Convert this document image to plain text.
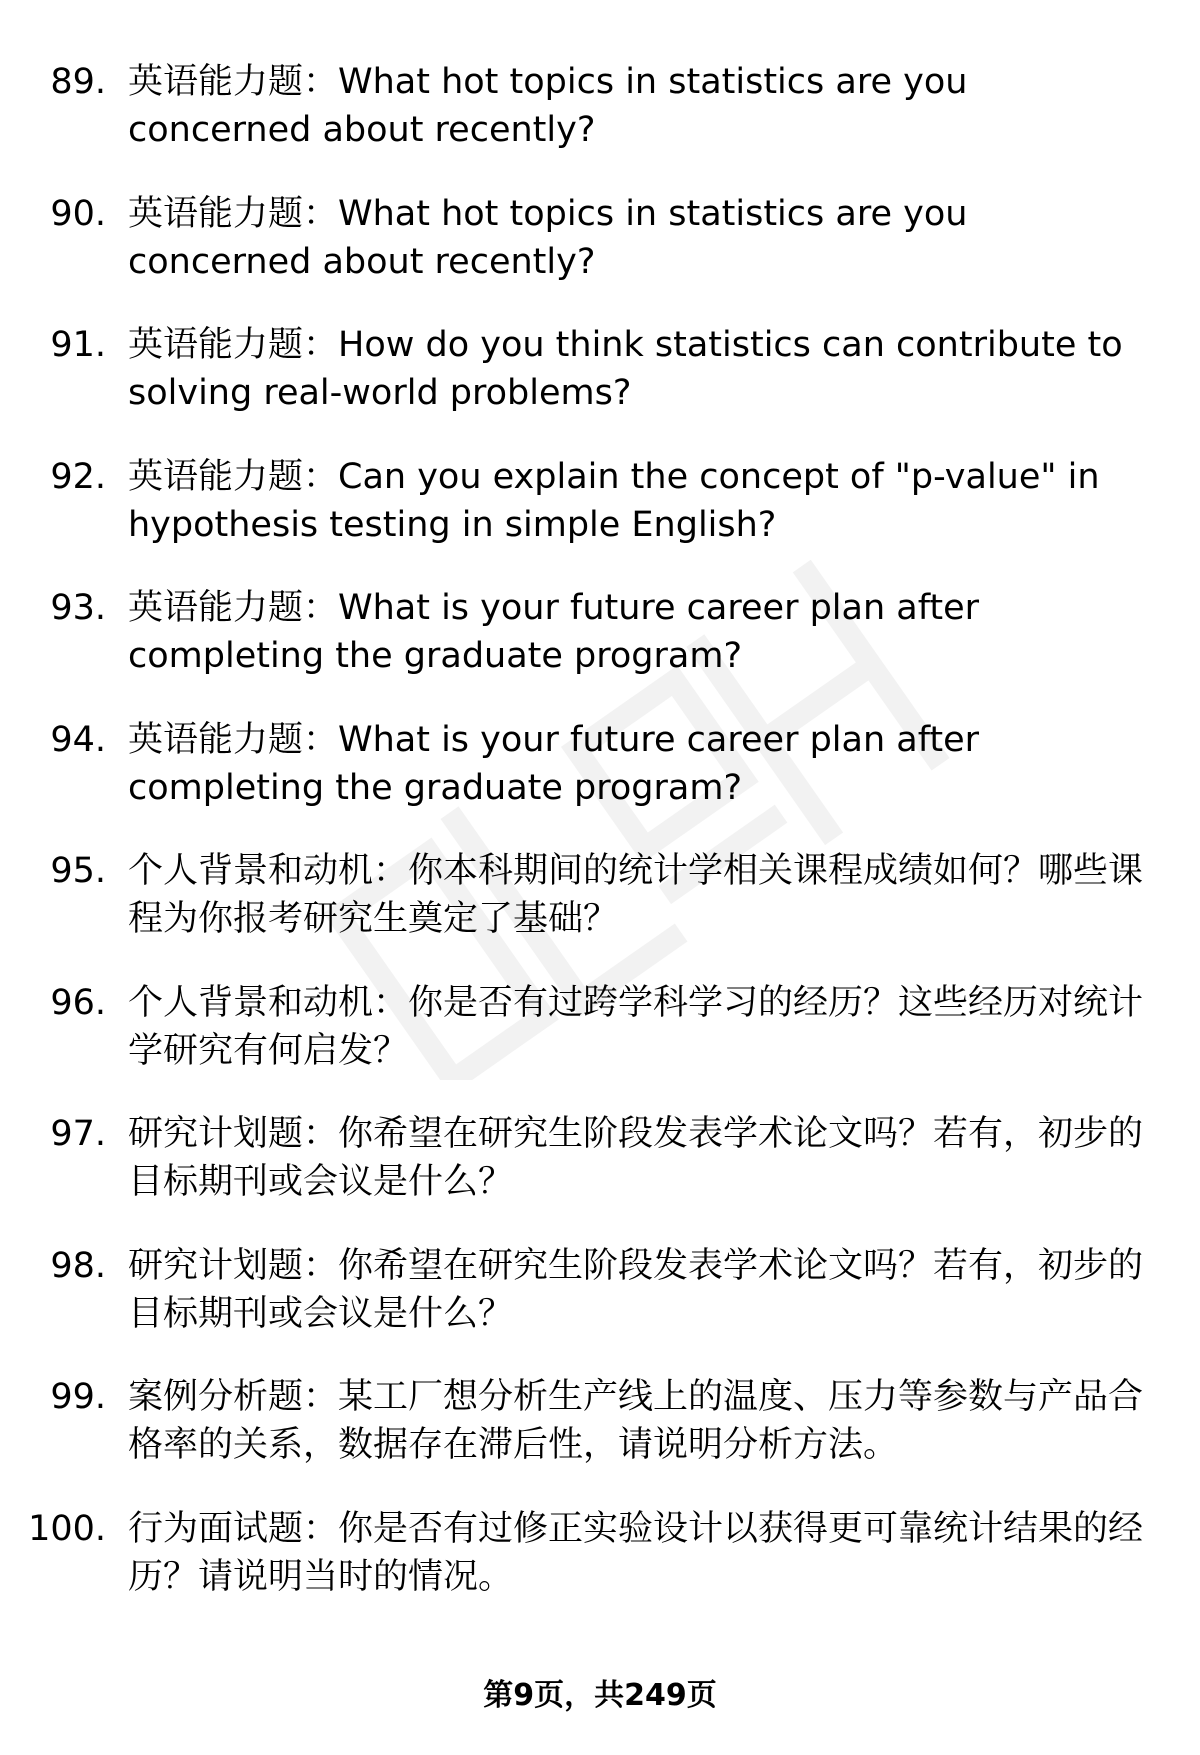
89. 英语能力题：What hot topics in statistics are you concerned about recently?
90. 英语能力题：What hot topics in statistics are you concerned about recently?
91. 英语能力题：How do you think statistics can contribute to solving real-world problems?
92. 英语能力题：Can you explain the concept of "p-value" in hypothesis testing in simple English?
93. 英语能力题：What is your future career plan after completing the graduate program?
94. 英语能力题：What is your future career plan after completing the graduate program?
95. 个人背景和动机：你本科期间的统计学相关课程成绩如何？哪些课程为你报考研究生奠定了基础？
96. 个人背景和动机：你是否有过跨学科学习的经历？这些经历对统计学研究有何启发？
97. 研究计划题：你希望在研究生阶段发表学术论文吗？若有，初步的目标期刊或会议是什么？
98. 研究计划题：你希望在研究生阶段发表学术论文吗？若有，初步的目标期刊或会议是什么？
99. 案例分析题：某工厂想分析生产线上的温度、压力等参数与产品合格率的关系，数据存在滞后性，请说明分析方法。
100. 行为面试题：你是否有过修正实验设计以获得更可靠统计结果的经历？请说明当时的情况。
第9页，共249页
